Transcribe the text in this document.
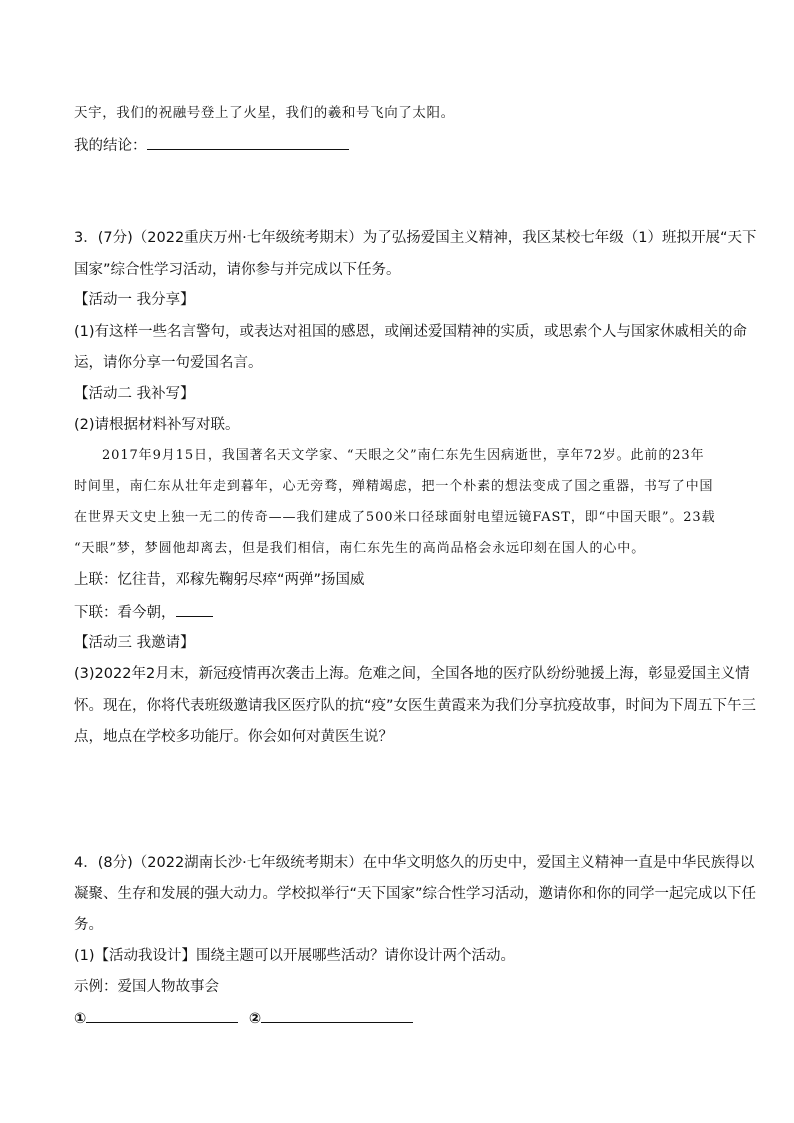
天宇，我们的祝融号登上了火星，我们的羲和号飞向了太阳。
我的结论：
3．(7分)（2022重庆万州·七年级统考期末）为了弘扬爱国主义精神，我区某校七年级（1）班拟开展“天下
国家”综合性学习活动，请你参与并完成以下任务。
【活动一 我分享】
(1)有这样一些名言警句，或表达对祖国的感恩，或阐述爱国精神的实质，或思索个人与国家休戚相关的命
运，请你分享一句爱国名言。
【活动二 我补写】
(2)请根据材料补写对联。
2017年9月15日，我国著名天文学家、“天眼之父”南仁东先生因病逝世，享年72岁。此前的23年
时间里，南仁东从壮年走到暮年，心无旁骛，殚精竭虑，把一个朴素的想法变成了国之重器，书写了中国
在世界天文史上独一无二的传奇——我们建成了500米口径球面射电望远镜FAST，即“中国天眼”。23载
“天眼”梦，梦圆他却离去，但是我们相信，南仁东先生的高尚品格会永远印刻在国人的心中。
上联：忆往昔，邓稼先鞠躬尽瘁“两弹”扬国威
下联：看今朝，
【活动三 我邀请】
(3)2022年2月末，新冠疫情再次袭击上海。危难之间，全国各地的医疗队纷纷驰援上海，彰显爱国主义情
怀。现在，你将代表班级邀请我区医疗队的抗“疫”女医生黄霞来为我们分享抗疫故事，时间为下周五下午三
点，地点在学校多功能厅。你会如何对黄医生说？
4．(8分)（2022湖南长沙·七年级统考期末）在中华文明悠久的历史中，爱国主义精神一直是中华民族得以
凝聚、生存和发展的强大动力。学校拟举行“天下国家”综合性学习活动，邀请你和你的同学一起完成以下任
务。
(1)【活动我设计】围绕主题可以开展哪些活动？请你设计两个活动。
示例：爱国人物故事会
①	②
